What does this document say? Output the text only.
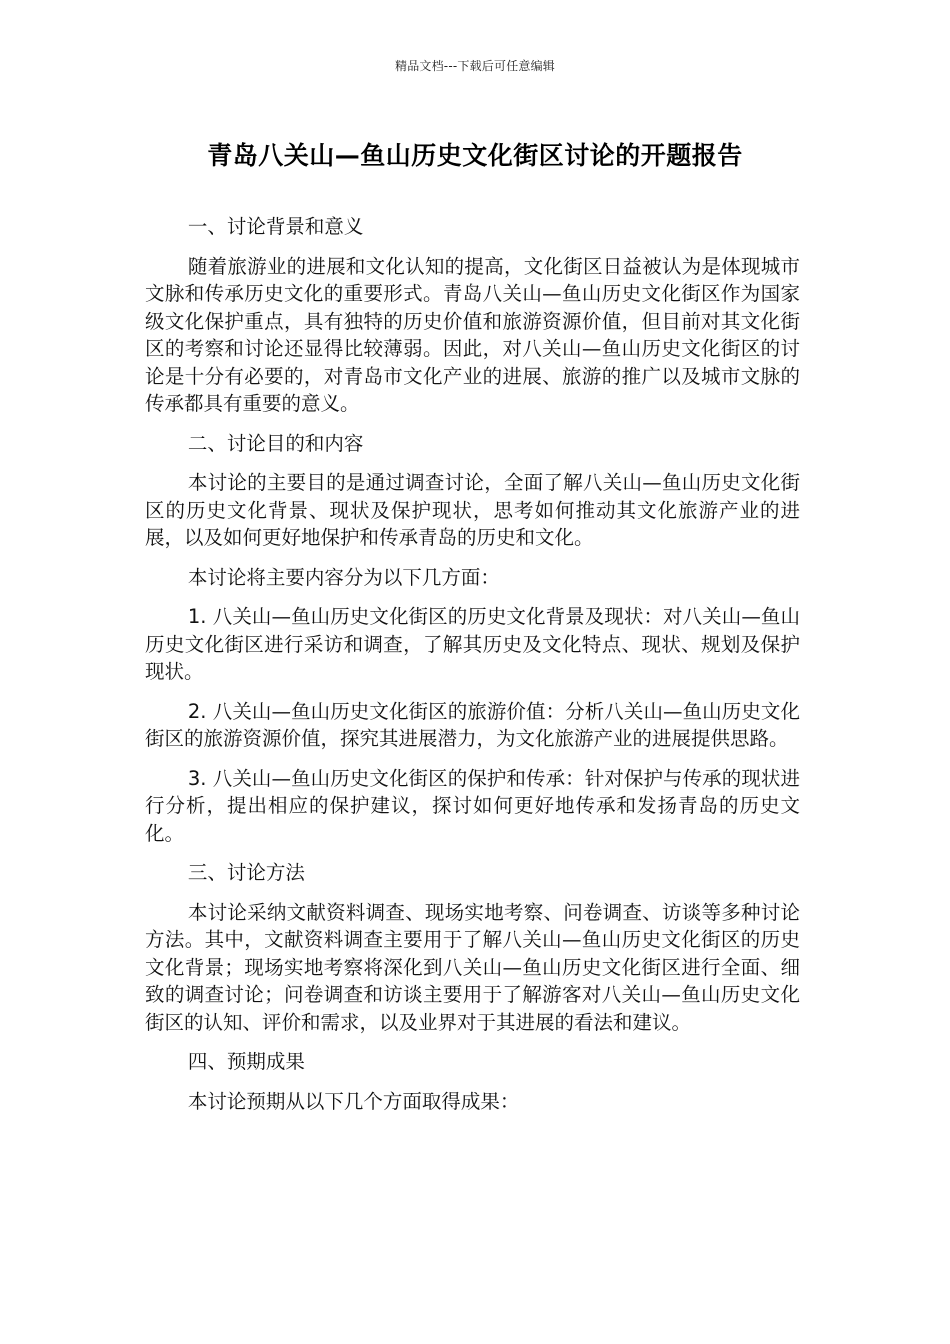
精品文档---下载后可任意编辑
青岛八关山—鱼山历史文化街区讨论的开题报告

一、讨论背景和意义

随着旅游业的进展和文化认知的提高，文化街区日益被认为是体现城市文脉和传承历史文化的重要形式。青岛八关山—鱼山历史文化街区作为国家级文化保护重点，具有独特的历史价值和旅游资源价值，但目前对其文化街区的考察和讨论还显得比较薄弱。因此，对八关山—鱼山历史文化街区的讨论是十分有必要的，对青岛市文化产业的进展、旅游的推广以及城市文脉的传承都具有重要的意义。

二、讨论目的和内容

本讨论的主要目的是通过调查讨论，全面了解八关山—鱼山历史文化街区的历史文化背景、现状及保护现状，思考如何推动其文化旅游产业的进展，以及如何更好地保护和传承青岛的历史和文化。

本讨论将主要内容分为以下几方面：

1. 八关山—鱼山历史文化街区的历史文化背景及现状：对八关山—鱼山历史文化街区进行采访和调查，了解其历史及文化特点、现状、规划及保护现状。

2. 八关山—鱼山历史文化街区的旅游价值：分析八关山—鱼山历史文化街区的旅游资源价值，探究其进展潜力，为文化旅游产业的进展提供思路。

3. 八关山—鱼山历史文化街区的保护和传承：针对保护与传承的现状进行分析，提出相应的保护建议，探讨如何更好地传承和发扬青岛的历史文化。

三、讨论方法

本讨论采纳文献资料调查、现场实地考察、问卷调查、访谈等多种讨论方法。其中，文献资料调查主要用于了解八关山—鱼山历史文化街区的历史文化背景；现场实地考察将深化到八关山—鱼山历史文化街区进行全面、细致的调查讨论；问卷调查和访谈主要用于了解游客对八关山—鱼山历史文化街区的认知、评价和需求，以及业界对于其进展的看法和建议。

四、预期成果

本讨论预期从以下几个方面取得成果：
